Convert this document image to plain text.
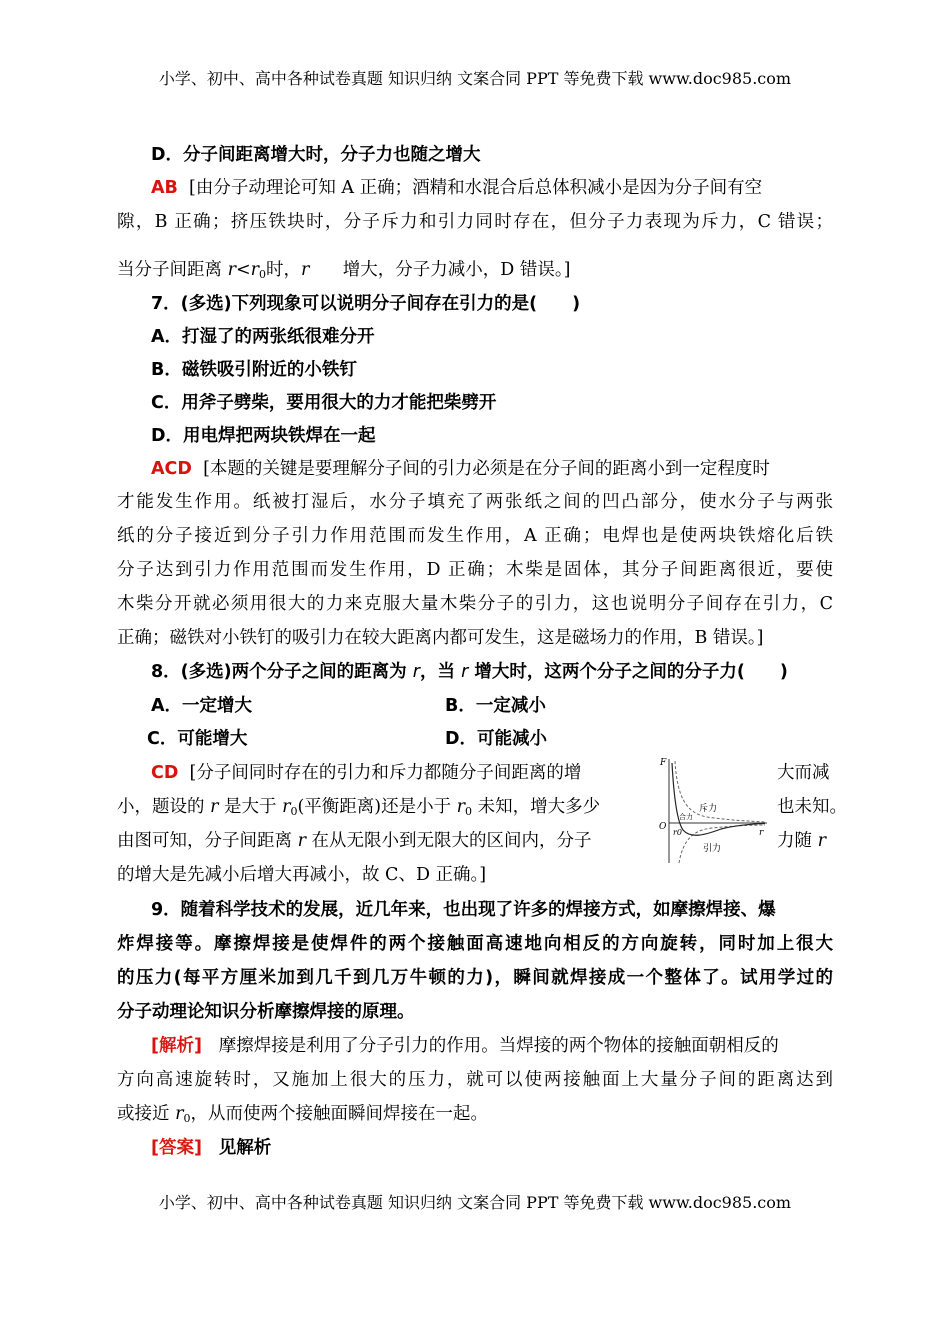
小学、初中、高中各种试卷真题 知识归纳 文案合同 PPT 等免费下载 www.doc985.com
D．分子间距离增大时，分子力也随之增大
AB [由分子动理论可知 A 正确；酒精和水混合后总体积减小是因为分子间有空
隙，B 正确；挤压铁块时，分子斥力和引力同时存在，但分子力表现为斥力，C 错误；
当分子间距离 $r<r_0$时，r 增大，分子力减小，D 错误。]
7．(多选)下列现象可以说明分子间存在引力的是(　　)
A．打湿了的两张纸很难分开
B．磁铁吸引附近的小铁钉
C．用斧子劈柴，要用很大的力才能把柴劈开
D．用电焊把两块铁焊在一起
ACD [本题的关键是要理解分子间的引力必须是在分子间的距离小到一定程度时
才能发生作用。纸被打湿后，水分子填充了两张纸之间的凹凸部分，使水分子与两张
纸的分子接近到分子引力作用范围而发生作用，A 正确；电焊也是使两块铁熔化后铁
分子达到引力作用范围而发生作用，D 正确；木柴是固体，其分子间距离很近，要使
木柴分开就必须用很大的力来克服大量木柴分子的引力，这也说明分子间存在引力，C
正确；磁铁对小铁钉的吸引力在较大距离内都可发生，这是磁场力的作用，B 错误。]
8．(多选)两个分子之间的距离为 r，当 r 增大时，这两个分子之间的分子力(　　)
A．一定增大	B．一定减小
C．可能增大	D．可能减小
CD [分子间同时存在的引力和斥力都随分子间距离的增	大而减
小，题设的 r 是大于 $r_0$(平衡距离)还是小于 $r_0$ 未知，增大多少	也未知。
由图可知，分子间距离 r 在从无限小到无限大的区间内，分子	力随 r
的增大是先减小后增大再减小，故 C、D 正确。]
F
O
r0	r
斥力
引力
合力
9．随着科学技术的发展，近几年来，也出现了许多的焊接方式，如摩擦焊接、爆
炸焊接等。摩擦焊接是使焊件的两个接触面高速地向相反的方向旋转，同时加上很大
的压力(每平方厘米加到几千到几万牛顿的力)，瞬间就焊接成一个整体了。试用学过的
分子动理论知识分析摩擦焊接的原理。
[解析] 摩擦焊接是利用了分子引力的作用。当焊接的两个物体的接触面朝相反的
方向高速旋转时，又施加上很大的压力，就可以使两接触面上大量分子间的距离达到
或接近 $r_0$，从而使两个接触面瞬间焊接在一起。
[答案] 见解析
小学、初中、高中各种试卷真题 知识归纳 文案合同 PPT 等免费下载 www.doc985.com
